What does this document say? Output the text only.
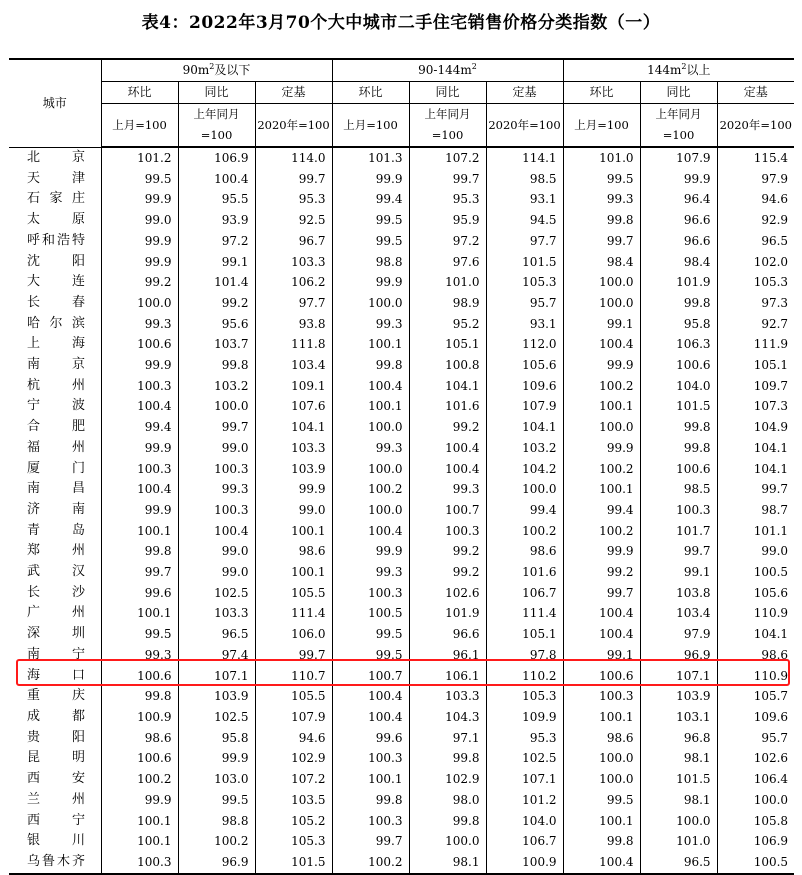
表4：2022年3月70个大中城市二手住宅销售价格分类指数（一）
城市	$90m^2$及以下			$90-144m^2$			$144m^2$以上		
	环比	同比	定基	环比	同比	定基	环比	同比	定基
	上月=100	上年同月=100	2020年=100	上月=100	上年同月=100	2020年=100	上月=100	上年同月=100	2020年=100
北京	101.2	106.9	114.0	101.3	107.2	114.1	101.0	107.9	115.4
天津	99.5	100.4	99.7	99.9	99.7	98.5	99.5	99.9	97.9
石家庄	99.9	95.5	95.3	99.4	95.3	93.1	99.3	96.4	94.6
太原	99.0	93.9	92.5	99.5	95.9	94.5	99.8	96.6	92.9
呼和浩特	99.9	97.2	96.7	99.5	97.2	97.7	99.7	96.6	96.5
沈阳	99.9	99.1	103.3	98.8	97.6	101.5	98.4	98.4	102.0
大连	99.2	101.4	106.2	99.9	101.0	105.3	100.0	101.9	105.3
长春	100.0	99.2	97.7	100.0	98.9	95.7	100.0	99.8	97.3
哈尔滨	99.3	95.6	93.8	99.3	95.2	93.1	99.1	95.8	92.7
上海	100.6	103.7	111.8	100.1	105.1	112.0	100.4	106.3	111.9
南京	99.9	99.8	103.4	99.8	100.8	105.6	99.9	100.6	105.1
杭州	100.3	103.2	109.1	100.4	104.1	109.6	100.2	104.0	109.7
宁波	100.4	100.0	107.6	100.1	101.6	107.9	100.1	101.5	107.3
合肥	99.4	99.7	104.1	100.0	99.2	104.1	100.0	99.8	104.9
福州	99.9	99.0	103.3	99.3	100.4	103.2	99.9	99.8	104.1
厦门	100.3	100.3	103.9	100.0	100.4	104.2	100.2	100.6	104.1
南昌	100.4	99.3	99.9	100.2	99.3	100.0	100.1	98.5	99.7
济南	99.9	100.3	99.0	100.0	100.7	99.4	99.4	100.3	98.7
青岛	100.1	100.4	100.1	100.4	100.3	100.2	100.2	101.7	101.1
郑州	99.8	99.0	98.6	99.9	99.2	98.6	99.9	99.7	99.0
武汉	99.7	99.0	100.1	99.3	99.2	101.6	99.2	99.1	100.5
长沙	99.6	102.5	105.5	100.3	102.6	106.7	99.7	103.8	105.6
广州	100.1	103.3	111.4	100.5	101.9	111.4	100.4	103.4	110.9
深圳	99.5	96.5	106.0	99.5	96.6	105.1	100.4	97.9	104.1
南宁	99.3	97.4	99.7	99.5	96.1	97.8	99.1	96.9	98.6
海口	100.6	107.1	110.7	100.7	106.1	110.2	100.6	107.1	110.9
重庆	99.8	103.9	105.5	100.4	103.3	105.3	100.3	103.9	105.7
成都	100.9	102.5	107.9	100.4	104.3	109.9	100.1	103.1	109.6
贵阳	98.6	95.8	94.6	99.6	97.1	95.3	98.6	96.8	95.7
昆明	100.6	99.9	102.9	100.3	99.8	102.5	100.0	98.1	102.6
西安	100.2	103.0	107.2	100.1	102.9	107.1	100.0	101.5	106.4
兰州	99.9	99.5	103.5	99.8	98.0	101.2	99.5	98.1	100.0
西宁	100.1	98.8	105.2	100.3	99.8	104.0	100.1	100.0	105.8
银川	100.1	100.2	105.3	99.7	100.0	106.7	99.8	101.0	106.9
乌鲁木齐	100.3	96.9	101.5	100.2	98.1	100.9	100.4	96.5	100.5
